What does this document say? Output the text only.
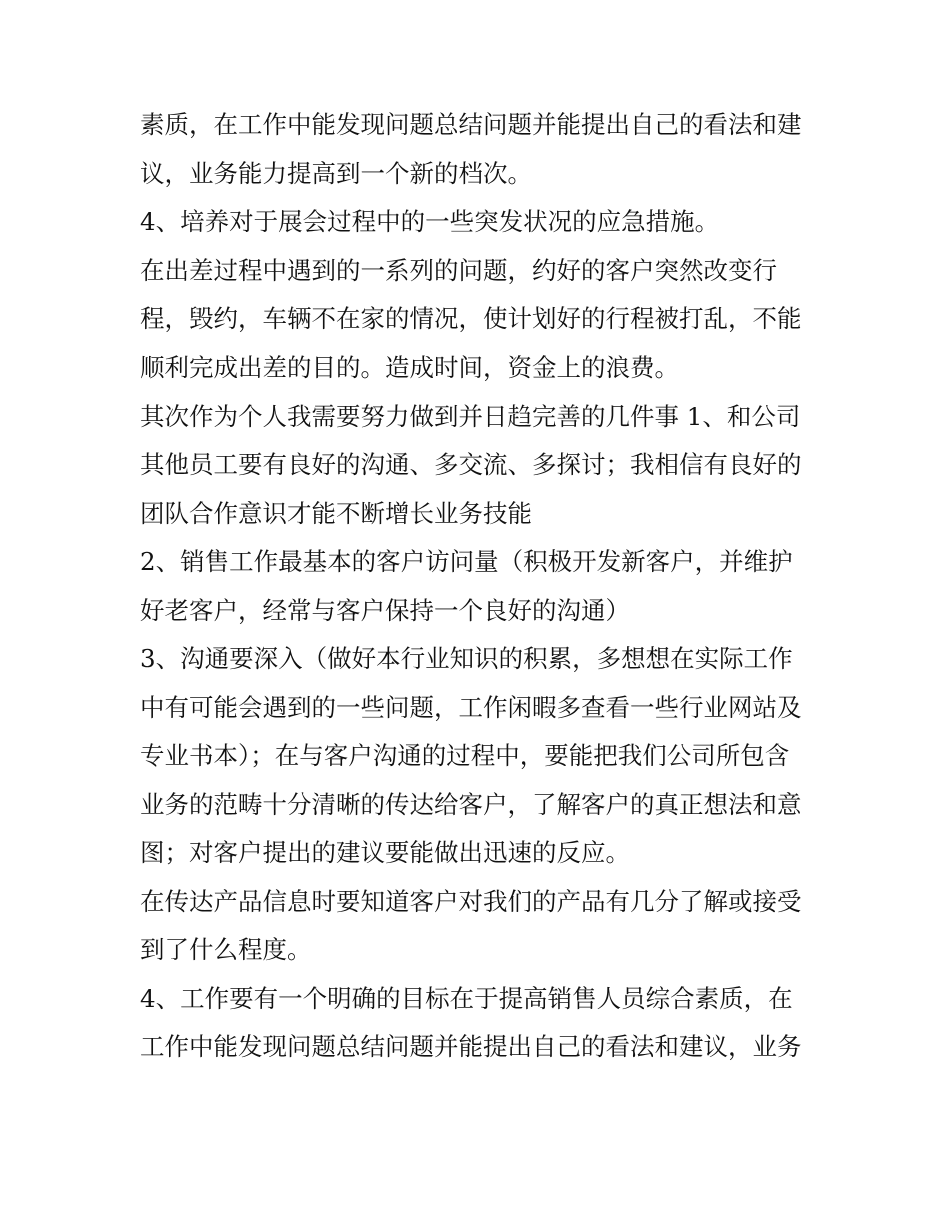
素质，在工作中能发现问题总结问题并能提出自己的看法和建
议，业务能力提高到一个新的档次。
4、培养对于展会过程中的一些突发状况的应急措施。
在出差过程中遇到的一系列的问题，约好的客户突然改变行
程，毁约，车辆不在家的情况，使计划好的行程被打乱，不能
顺利完成出差的目的。造成时间，资金上的浪费。
其次作为个人我需要努力做到并日趋完善的几件事 1、和公司
其他员工要有良好的沟通、多交流、多探讨；我相信有良好的
团队合作意识才能不断增长业务技能
2、销售工作最基本的客户访问量（积极开发新客户，并维护
好老客户，经常与客户保持一个良好的沟通）
3、沟通要深入（做好本行业知识的积累，多想想在实际工作
中有可能会遇到的一些问题，工作闲暇多查看一些行业网站及
专业书本）；在与客户沟通的过程中，要能把我们公司所包含
业务的范畴十分清晰的传达给客户，了解客户的真正想法和意
图；对客户提出的建议要能做出迅速的反应。
在传达产品信息时要知道客户对我们的产品有几分了解或接受
到了什么程度。
4、工作要有一个明确的目标在于提高销售人员综合素质，在
工作中能发现问题总结问题并能提出自己的看法和建议，业务
